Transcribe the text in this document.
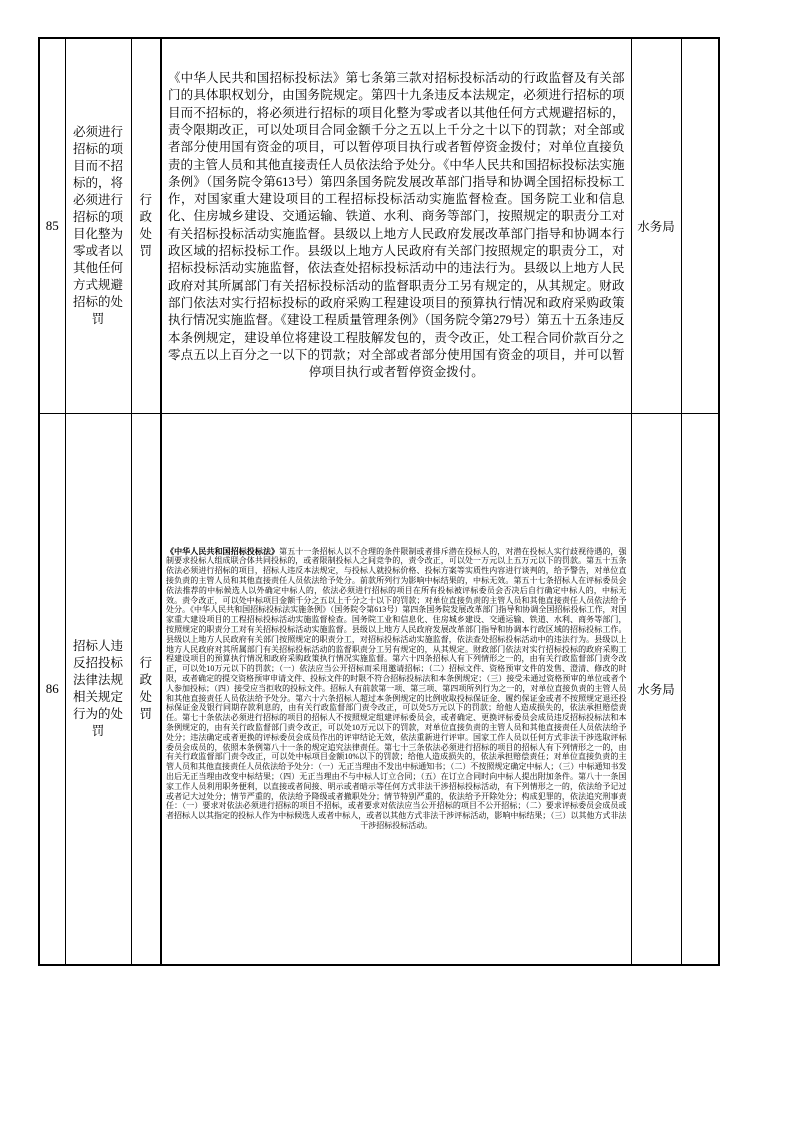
85	必须进行招标的项目而不招标的，将必须进行招标的项目化整为零或者以其他任何方式规避招标的处罚	行政处罚	《中华人民共和国招标投标法》第七条第三款对招标投标活动的行政监督及有关部门的具体职权划分，由国务院规定。第四十九条违反本法规定，必须进行招标的项目而不招标的，将必须进行招标的项目化整为零或者以其他任何方式规避招标的，责令限期改正，可以处项目合同金额千分之五以上千分之十以下的罚款；对全部或者部分使用国有资金的项目，可以暂停项目执行或者暂停资金拨付；对单位直接负责的主管人员和其他直接责任人员依法给予处分。《中华人民共和国招标投标法实施条例》（国务院令第613号）第四条国务院发展改革部门指导和协调全国招标投标工作，对国家重大建设项目的工程招标投标活动实施监督检查。国务院工业和信息化、住房城乡建设、交通运输、铁道、水利、商务等部门，按照规定的职责分工对有关招标投标活动实施监督。县级以上地方人民政府发展改革部门指导和协调本行政区域的招标投标工作。县级以上地方人民政府有关部门按照规定的职责分工，对招标投标活动实施监督，依法查处招标投标活动中的违法行为。县级以上地方人民政府对其所属部门有关招标投标活动的监督职责分工另有规定的，从其规定。财政部门依法对实行招标投标的政府采购工程建设项目的预算执行情况和政府采购政策执行情况实施监督。《建设工程质量管理条例》（国务院令第279号）第五十五条违反本条例规定，建设单位将建设工程肢解发包的，责令改正，处工程合同价款百分之零点五以上百分之一以下的罚款；对全部或者部分使用国有资金的项目，并可以暂停项目执行或者暂停资金拨付。	水务局	
86	招标人违反招投标法律法规相关规定行为的处罚	行政处罚	《中华人民共和国招标投标法》第五十一条招标人以不合理的条件限制或者排斥潜在投标人的，对潜在投标人实行歧视待遇的，强制要求投标人组成联合体共同投标的，或者限制投标人之间竞争的，责令改正，可以处一万元以上五万元以下的罚款。第五十五条依法必须进行招标的项目，招标人违反本法规定，与投标人就投标价格、投标方案等实质性内容进行谈判的，给予警告，对单位直接负责的主管人员和其他直接责任人员依法给予处分。前款所列行为影响中标结果的，中标无效。第五十七条招标人在评标委员会依法推荐的中标候选人以外确定中标人的，依法必须进行招标的项目在所有投标被评标委员会否决后自行确定中标人的，中标无效。责令改正，可以处中标项目金额千分之五以上千分之十以下的罚款；对单位直接负责的主管人员和其他直接责任人员依法给予处分。《中华人民共和国招标投标法实施条例》（国务院令第613号）第四条国务院发展改革部门指导和协调全国招标投标工作，对国家重大建设项目的工程招标投标活动实施监督检查。国务院工业和信息化、住房城乡建设、交通运输、铁道、水利、商务等部门，按照规定的职责分工对有关招标投标活动实施监督。县级以上地方人民政府发展改革部门指导和协调本行政区域的招标投标工作。县级以上地方人民政府有关部门按照规定的职责分工，对招标投标活动实施监督，依法查处招标投标活动中的违法行为。县级以上地方人民政府对其所属部门有关招标投标活动的监督职责分工另有规定的，从其规定。财政部门依法对实行招标投标的政府采购工程建设项目的预算执行情况和政府采购政策执行情况实施监督。第六十四条招标人有下列情形之一的，由有关行政监督部门责令改正，可以处10万元以下的罚款；（一）依法应当公开招标而采用邀请招标；（二）招标文件、资格预审文件的发售、澄清、修改的时限，或者确定的提交资格预审申请文件、投标文件的时限不符合招标投标法和本条例规定；（三）接受未通过资格预审的单位或者个人参加投标；（四）接受应当拒收的投标文件。招标人有前款第一项、第三项、第四项所列行为之一的，对单位直接负责的主管人员和其他直接责任人员依法给予处分。第六十六条招标人超过本条例规定的比例收取投标保证金、履约保证金或者不按照规定退还投标保证金及银行同期存款利息的，由有关行政监督部门责令改正，可以处5万元以下的罚款；给他人造成损失的，依法承担赔偿责任。第七十条依法必须进行招标的项目的招标人不按照规定组建评标委员会，或者确定、更换评标委员会成员违反招标投标法和本条例规定的，由有关行政监督部门责令改正，可以处10万元以下的罚款，对单位直接负责的主管人员和其他直接责任人员依法给予处分；违法确定或者更换的评标委员会成员作出的评审结论无效，依法重新进行评审。国家工作人员以任何方式非法干涉选取评标委员会成员的，依照本条例第八十一条的规定追究法律责任。第七十三条依法必须进行招标的项目的招标人有下列情形之一的，由有关行政监督部门责令改正，可以处中标项目金额10%以下的罚款；给他人造成损失的，依法承担赔偿责任；对单位直接负责的主管人员和其他直接责任人员依法给予处分：（一）无正当理由不发出中标通知书；（二）不按照规定确定中标人；（三）中标通知书发出后无正当理由改变中标结果；（四）无正当理由不与中标人订立合同；（五）在订立合同时向中标人提出附加条件。第八十一条国家工作人员利用职务便利，以直接或者间接、明示或者暗示等任何方式非法干涉招标投标活动，有下列情形之一的，依法给予记过或者记大过处分；情节严重的，依法给予降级或者撤职处分；情节特别严重的，依法给予开除处分；构成犯罪的，依法追究刑事责任：（一）要求对依法必须进行招标的项目不招标，或者要求对依法应当公开招标的项目不公开招标；（二）要求评标委员会成员或者招标人以其指定的投标人作为中标候选人或者中标人，或者以其他方式非法干涉评标活动，影响中标结果；（三）以其他方式非法干涉招标投标活动。	水务局	
